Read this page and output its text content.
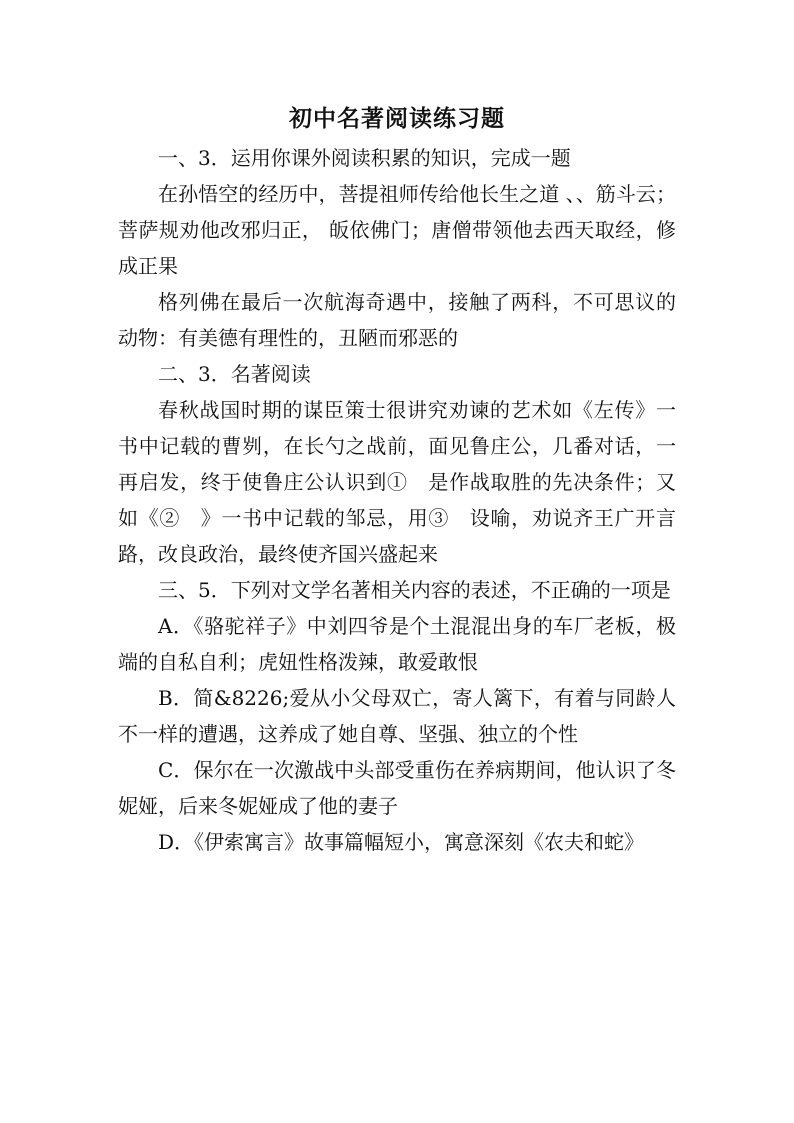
初中名著阅读练习题

一、3．运用你课外阅读积累的知识，完成一题

在孙悟空的经历中，菩提祖师传给他长生之道 、、筋斗云；菩萨规劝他改邪归正， 皈依佛门；唐僧带领他去西天取经，修成正果

格列佛在最后一次航海奇遇中，接触了两科，不可思议的动物：有美德有理性的，丑陋而邪恶的

二、3．名著阅读

春秋战国时期的谋臣策士很讲究劝谏的艺术如《左传》一书中记载的曹刿，在长勺之战前，面见鲁庄公，几番对话，一再启发，终于使鲁庄公认识到①　是作战取胜的先决条件；又如《②　》一书中记载的邹忌，用③　设喻，劝说齐王广开言路，改良政治，最终使齐国兴盛起来

三、5．下列对文学名著相关内容的表述，不正确的一项是

A．《骆驼祥子》中刘四爷是个土混混出身的车厂老板，极端的自私自利；虎妞性格泼辣，敢爱敢恨

B．简&8226;爱从小父母双亡，寄人篱下，有着与同龄人不一样的遭遇，这养成了她自尊、坚强、独立的个性

C．保尔在一次激战中头部受重伤在养病期间，他认识了冬妮娅，后来冬妮娅成了他的妻子

D．《伊索寓言》故事篇幅短小，寓意深刻《农夫和蛇》
